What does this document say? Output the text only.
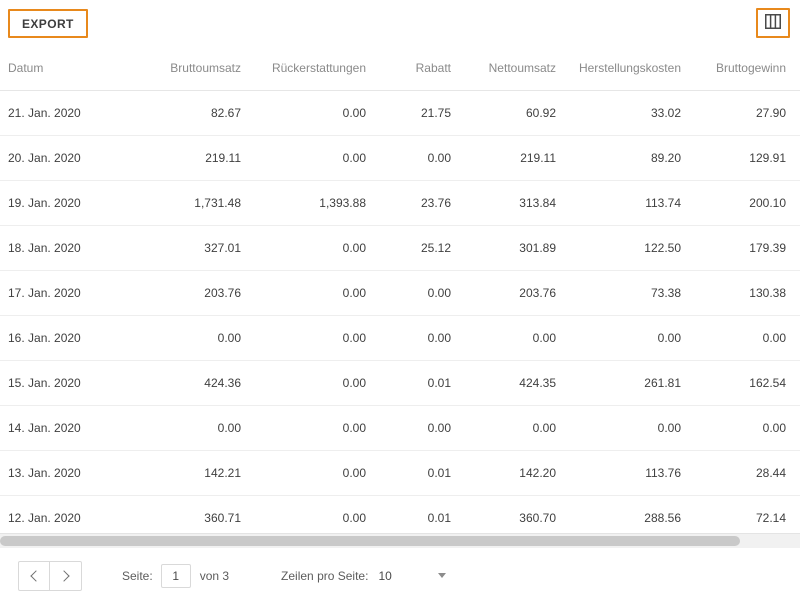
EXPORT
Datum	Bruttoumsatz	Rückerstattungen	Rabatt	Nettoumsatz	Herstellungskosten	Bruttogewinn
21. Jan. 2020	82.67	0.00	21.75	60.92	33.02	27.90
20. Jan. 2020	219.11	0.00	0.00	219.11	89.20	129.91
19. Jan. 2020	1,731.48	1,393.88	23.76	313.84	113.74	200.10
18. Jan. 2020	327.01	0.00	25.12	301.89	122.50	179.39
17. Jan. 2020	203.76	0.00	0.00	203.76	73.38	130.38
16. Jan. 2020	0.00	0.00	0.00	0.00	0.00	0.00
15. Jan. 2020	424.36	0.00	0.01	424.35	261.81	162.54
14. Jan. 2020	0.00	0.00	0.00	0.00	0.00	0.00
13. Jan. 2020	142.21	0.00	0.01	142.20	113.76	28.44
12. Jan. 2020	360.71	0.00	0.01	360.70	288.56	72.14
Seite:
1	von 3	Zeilen pro Seite: 10
